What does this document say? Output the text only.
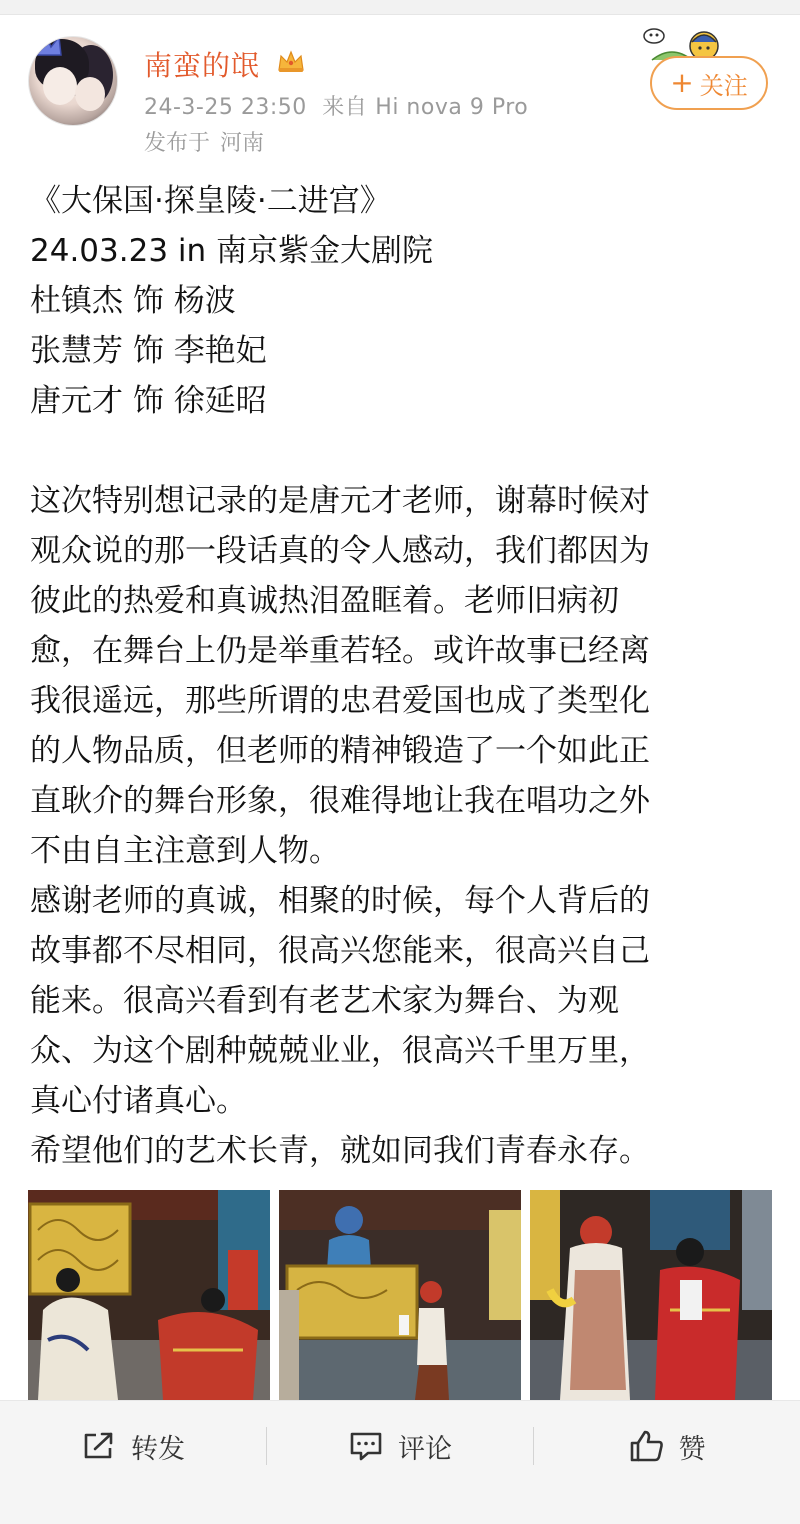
南蛮的氓
24-3-25 23:50 来自 Hi nova 9 Pro
发布于 河南
+ 关注

《大保国·探皇陵·二进宫》

24.03.23 in 南京紫金大剧院

杜镇杰 饰 杨波

张慧芳 饰 李艳妃

唐元才 饰 徐延昭

这次特别想记录的是唐元才老师，谢幕时候对

观众说的那一段话真的令人感动，我们都因为

彼此的热爱和真诚热泪盈眶着。老师旧病初

愈，在舞台上仍是举重若轻。或许故事已经离

我很遥远，那些所谓的忠君爱国也成了类型化

的人物品质，但老师的精神锻造了一个如此正

直耿介的舞台形象，很难得地让我在唱功之外

不由自主注意到人物。

感谢老师的真诚，相聚的时候，每个人背后的

故事都不尽相同，很高兴您能来，很高兴自己

能来。很高兴看到有老艺术家为舞台、为观

众、为这个剧种兢兢业业，很高兴千里万里，

真心付诸真心。

希望他们的艺术长青，就如同我们青春永存。

转发	评论	赞
